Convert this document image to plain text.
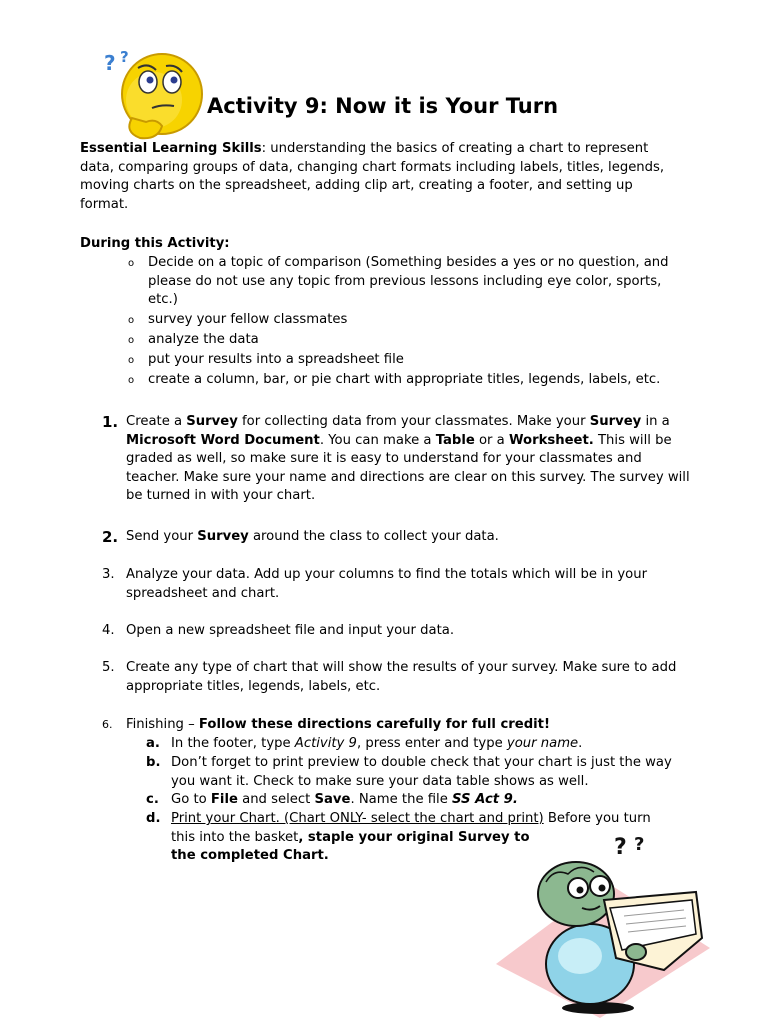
? ?
Activity 9: Now it is Your Turn
Essential Learning Skills: understanding the basics of creating a chart to represent data, comparing groups of data, changing chart formats including labels, titles, legends, moving charts on the spreadsheet, adding clip art, creating a footer, and setting up format.
During this Activity:
o Decide on a topic of comparison (Something besides a yes or no question, and please do not use any topic from previous lessons including eye color, sports, etc.)
o survey your fellow classmates
o analyze the data
o put your results into a spreadsheet file
o create a column, bar, or pie chart with appropriate titles, legends, labels, etc.
1. Create a Survey for collecting data from your classmates. Make your Survey in a Microsoft Word Document. You can make a Table or a Worksheet. This will be graded as well, so make sure it is easy to understand for your classmates and teacher. Make sure your name and directions are clear on this survey. The survey will be turned in with your chart.
2. Send your Survey around the class to collect your data.
3. Analyze your data. Add up your columns to find the totals which will be in your spreadsheet and chart.
4. Open a new spreadsheet file and input your data.
5. Create any type of chart that will show the results of your survey. Make sure to add appropriate titles, legends, labels, etc.
6.	Finishing – Follow these directions carefully for full credit!
a. In the footer, type Activity 9, press enter and type your name.
b. Don’t forget to print preview to double check that your chart is just the way you want it. Check to make sure your data table shows as well.
c. Go to File and select Save. Name the file SS Act 9.
d. Print your Chart. (Chart ONLY- select the chart and print) Before you turn this into the basket, staple your original Survey to
the completed Chart.	? ?
